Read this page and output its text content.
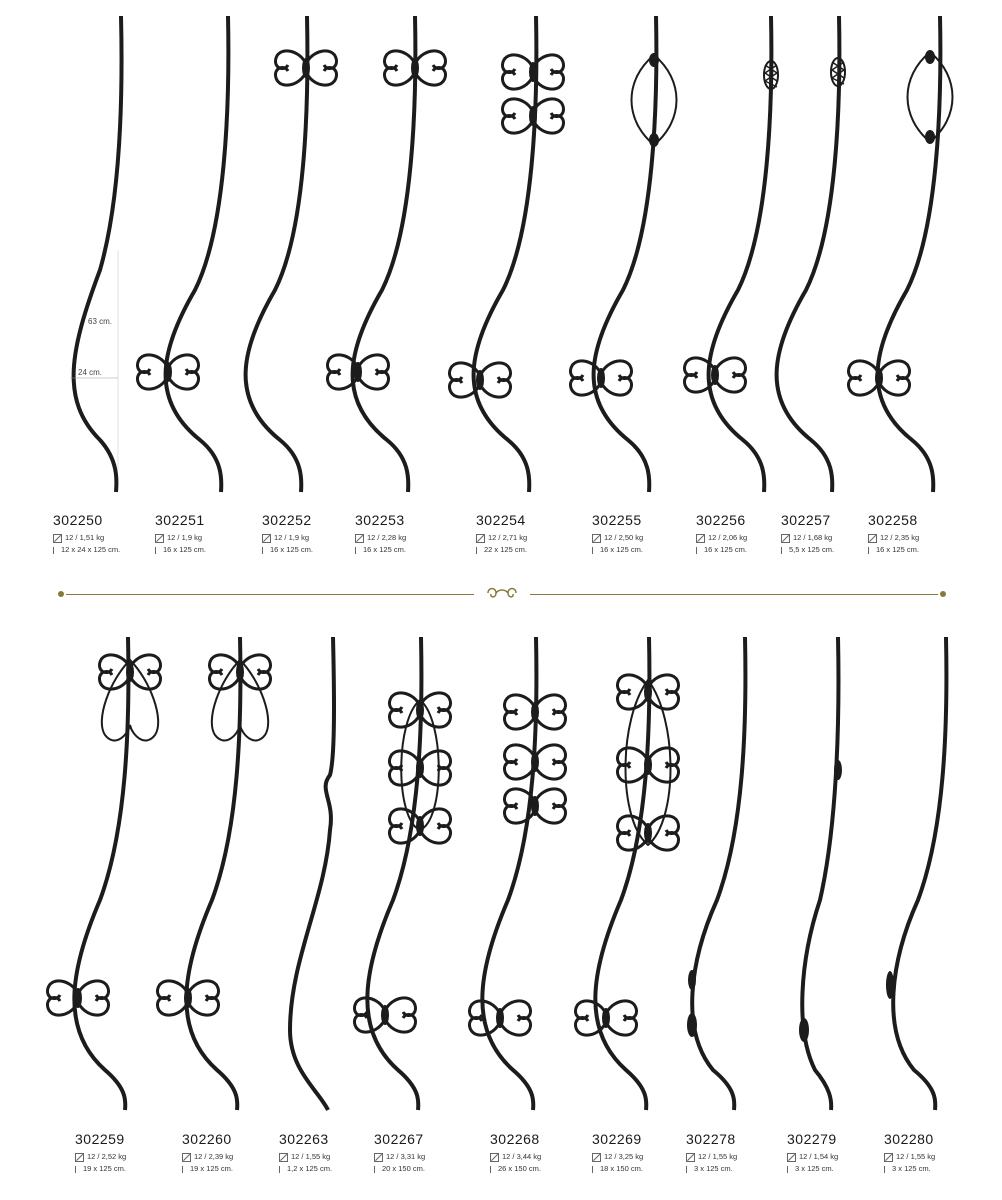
63 cm.
24 cm.
302250
12 / 1,51 kg
12 x 24 x 125 cm.
302251
12 / 1,9 kg
16 x 125 cm.
302252
12 / 1,9 kg
16 x 125 cm.
302253
12 / 2,28 kg
16 x 125 cm.
302254
12 / 2,71 kg
22 x 125 cm.
302255
12 / 2,50 kg
16 x 125 cm.
302256
12 / 2,06 kg
16 x 125 cm.
302257
12 / 1,68 kg
5,5 x 125 cm.
302258
12 / 2,35 kg
16 x 125 cm.
302259
12 / 2,52 kg
19 x 125 cm.
302260
12 / 2,39 kg
19 x 125 cm.
302263
12 / 1,55 kg
1,2 x 125 cm.
302267
12 / 3,31 kg
20 x 150 cm.
302268
12 / 3,44 kg
26 x 150 cm.
302269
12 / 3,25 kg
18 x 150 cm.
302278
12 / 1,55 kg
3 x 125 cm.
302279
12 / 1,54 kg
3 x 125 cm.
302280
12 / 1,55 kg
3 x 125 cm.
